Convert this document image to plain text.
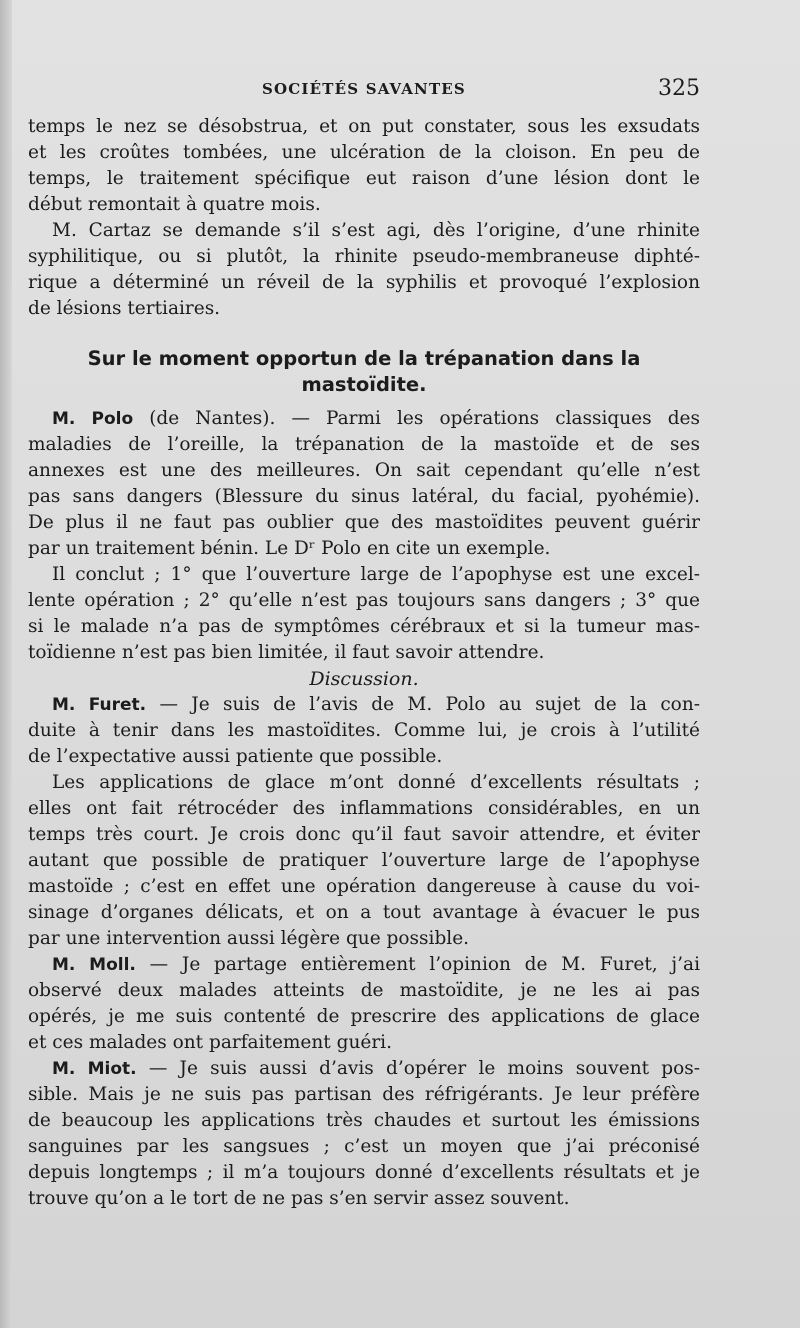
SOCIÉTÉS SAVANTES	325
temps le nez se désobstrua, et on put constater, sous les exsudats
et les croûtes tombées, une ulcération de la cloison. En peu de
temps, le traitement spécifique eut raison d’une lésion dont le
début remontait à quatre mois.
M. Cartaz se demande s’il s’est agi, dès l’origine, d’une rhinite
syphilitique, ou si plutôt, la rhinite pseudo-membraneuse diphté-
rique a déterminé un réveil de la syphilis et provoqué l’explosion
de lésions tertiaires.
Sur le moment opportun de la trépanation dans la
mastoïdite.
M. Polo (de Nantes). — Parmi les opérations classiques des
maladies de l’oreille, la trépanation de la mastoïde et de ses
annexes est une des meilleures. On sait cependant qu’elle n’est
pas sans dangers (Blessure du sinus latéral, du facial, pyohémie).
De plus il ne faut pas oublier que des mastoïdites peuvent guérir
par un traitement bénin. Le Dʳ Polo en cite un exemple.
Il conclut ; 1° que l’ouverture large de l’apophyse est une excel-
lente opération ; 2° qu’elle n’est pas toujours sans dangers ; 3° que
si le malade n’a pas de symptômes cérébraux et si la tumeur mas-
toïdienne n’est pas bien limitée, il faut savoir attendre.
Discussion.
M. Furet. — Je suis de l’avis de M. Polo au sujet de la con-
duite à tenir dans les mastoïdites. Comme lui, je crois à l’utilité
de l’expectative aussi patiente que possible.
Les applications de glace m’ont donné d’excellents résultats ;
elles ont fait rétrocéder des inflammations considérables, en un
temps très court. Je crois donc qu’il faut savoir attendre, et éviter
autant que possible de pratiquer l’ouverture large de l’apophyse
mastoïde ; c’est en effet une opération dangereuse à cause du voi-
sinage d’organes délicats, et on a tout avantage à évacuer le pus
par une intervention aussi légère que possible.
M. Moll. — Je partage entièrement l’opinion de M. Furet, j’ai
observé deux malades atteints de mastoïdite, je ne les ai pas
opérés, je me suis contenté de prescrire des applications de glace
et ces malades ont parfaitement guéri.
M. Miot. — Je suis aussi d’avis d’opérer le moins souvent pos-
sible. Mais je ne suis pas partisan des réfrigérants. Je leur préfère
de beaucoup les applications très chaudes et surtout les émissions
sanguines par les sangsues ; c’est un moyen que j’ai préconisé
depuis longtemps ; il m’a toujours donné d’excellents résultats et je
trouve qu’on a le tort de ne pas s’en servir assez souvent.
